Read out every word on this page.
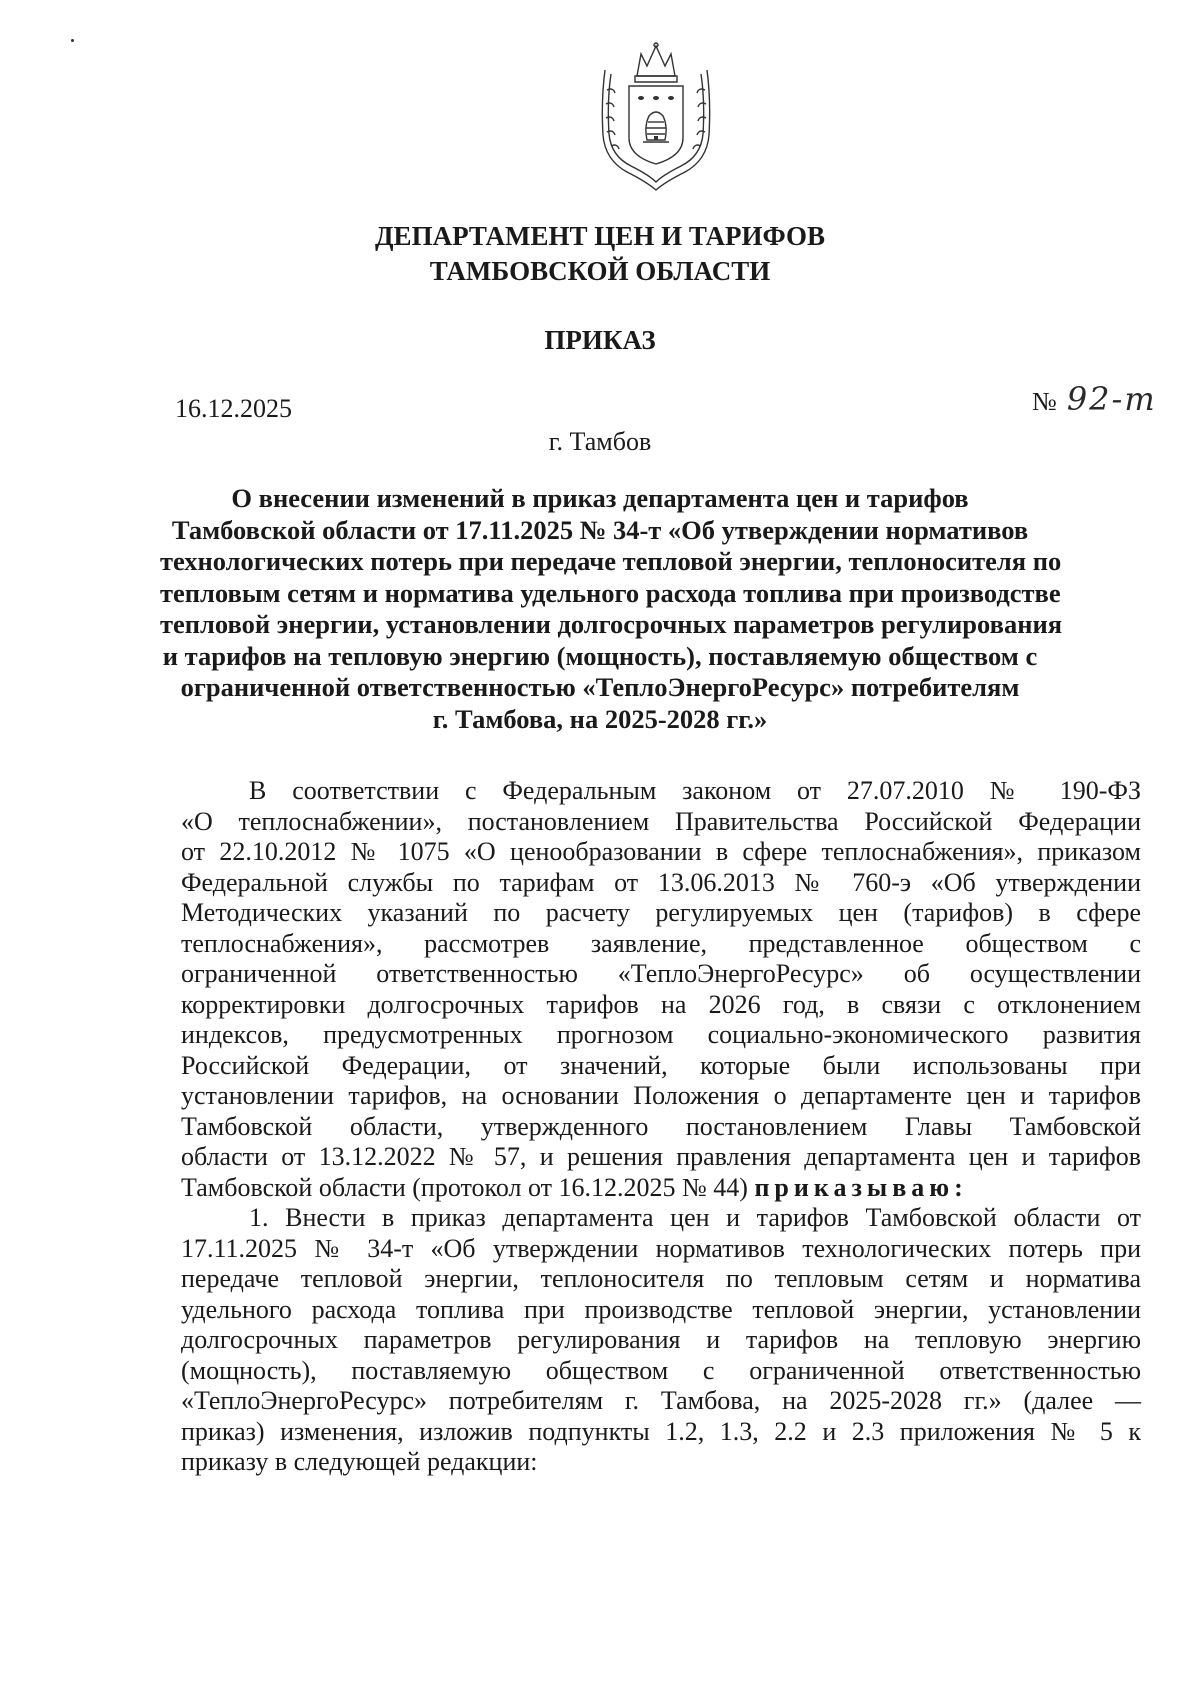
ДЕПАРТАМЕНТ ЦЕН И ТАРИФОВ
ТАМБОВСКОЙ ОБЛАСТИ
ПРИКАЗ
16.12.2025	№ 92-т
г. Тамбов
О внесении изменений в приказ департамента цен и тарифов
Тамбовской области от 17.11.2025 № 34-т «Об утверждении нормативов
технологических потерь при передаче тепловой энергии, теплоносителя по
тепловым сетям и норматива удельного расхода топлива при производстве
тепловой энергии, установлении долгосрочных параметров регулирования
и тарифов на тепловую энергию (мощность), поставляемую обществом с
ограниченной ответственностью «ТеплоЭнергоРесурс» потребителям
г. Тамбова, на 2025-2028 гг.»
В соответствии с Федеральным законом от 27.07.2010 № 190-ФЗ
«О теплоснабжении», постановлением Правительства Российской Федерации
от 22.10.2012 № 1075 «О ценообразовании в сфере теплоснабжения», приказом
Федеральной службы по тарифам от 13.06.2013 № 760-э «Об утверждении
Методических указаний по расчету регулируемых цен (тарифов) в сфере
теплоснабжения», рассмотрев заявление, представленное обществом с
ограниченной ответственностью «ТеплоЭнергоРесурс» об осуществлении
корректировки долгосрочных тарифов на 2026 год, в связи с отклонением
индексов, предусмотренных прогнозом социально-экономического развития
Российской Федерации, от значений, которые были использованы при
установлении тарифов, на основании Положения о департаменте цен и тарифов
Тамбовской области, утвержденного постановлением Главы Тамбовской
области от 13.12.2022 № 57, и решения правления департамента цен и тарифов
Тамбовской области (протокол от 16.12.2025 № 44) приказываю:
1. Внести в приказ департамента цен и тарифов Тамбовской области от
17.11.2025 № 34-т «Об утверждении нормативов технологических потерь при
передаче тепловой энергии, теплоносителя по тепловым сетям и норматива
удельного расхода топлива при производстве тепловой энергии, установлении
долгосрочных параметров регулирования и тарифов на тепловую энергию
(мощность), поставляемую обществом с ограниченной ответственностью
«ТеплоЭнергоРесурс» потребителям г. Тамбова, на 2025-2028 гг.» (далее —
приказ) изменения, изложив подпункты 1.2, 1.3, 2.2 и 2.3 приложения № 5 к
приказу в следующей редакции:
